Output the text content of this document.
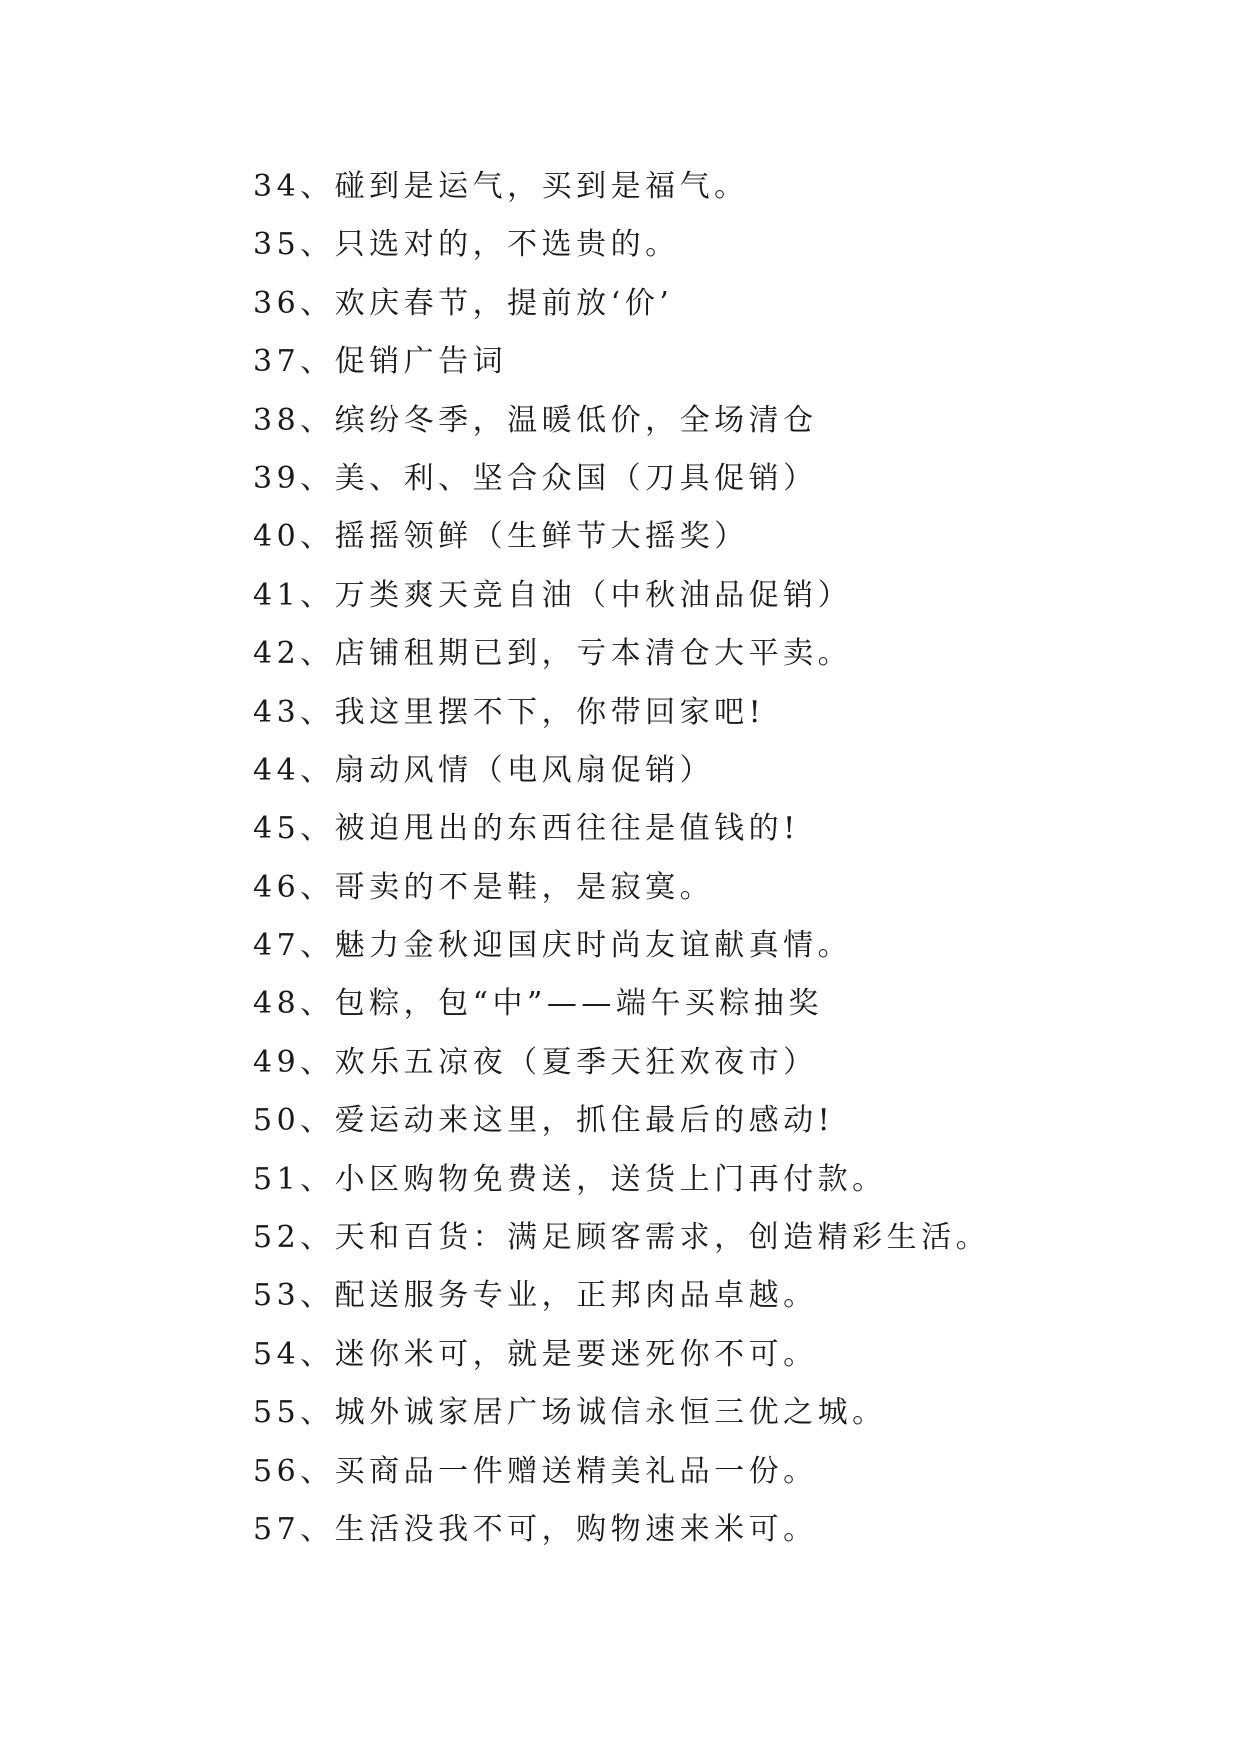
34、碰到是运气，买到是福气。
35、只选对的，不选贵的。
36、欢庆春节，提前放‘价’
37、促销广告词
38、缤纷冬季，温暖低价，全场清仓
39、美、利、坚合众国（刀具促销）
40、摇摇领鲜（生鲜节大摇奖）
41、万类爽天竞自油（中秋油品促销）
42、店铺租期已到，亏本清仓大平卖。
43、我这里摆不下，你带回家吧!
44、扇动风情（电风扇促销）
45、被迫甩出的东西往往是值钱的!
46、哥卖的不是鞋，是寂寞。
47、魅力金秋迎国庆时尚友谊献真情。
48、包粽，包“中”——端午买粽抽奖
49、欢乐五凉夜（夏季天狂欢夜市）
50、爱运动来这里，抓住最后的感动!
51、小区购物免费送，送货上门再付款。
52、天和百货：满足顾客需求，创造精彩生活。
53、配送服务专业，正邦肉品卓越。
54、迷你米可，就是要迷死你不可。
55、城外诚家居广场诚信永恒三优之城。
56、买商品一件赠送精美礼品一份。
57、生活没我不可，购物速来米可。
